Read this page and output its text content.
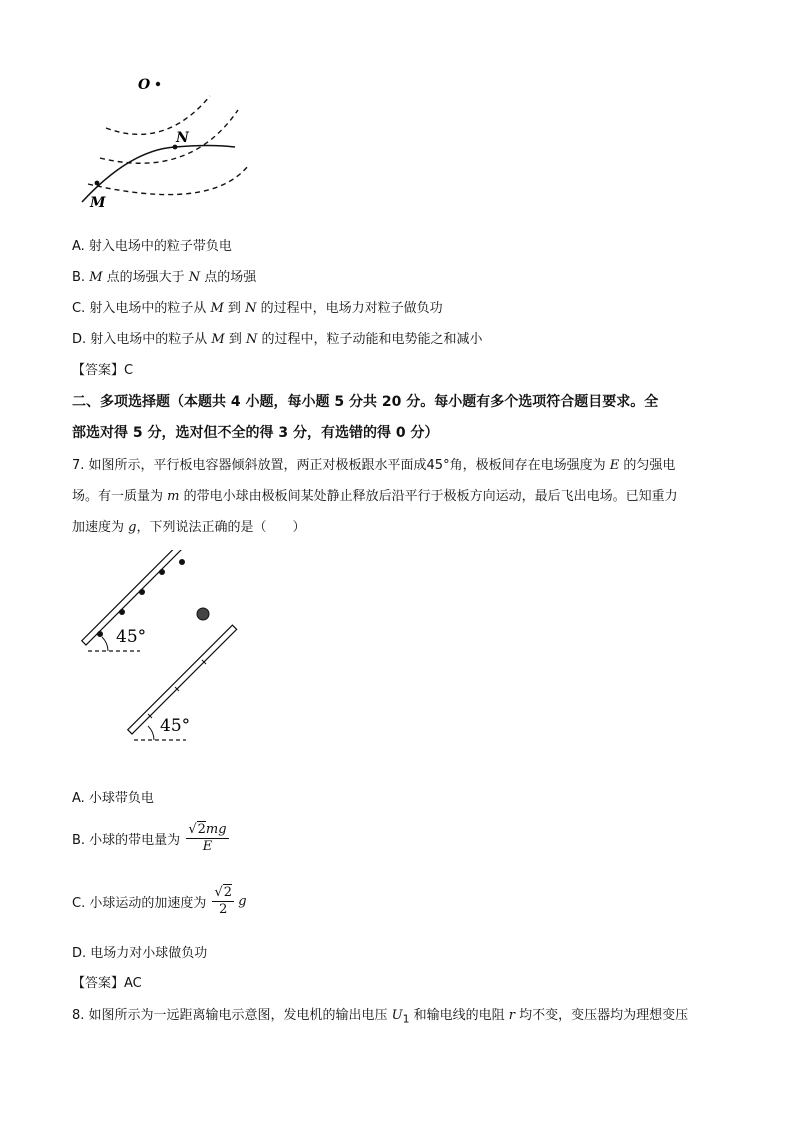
O
N
M
A. 射入电场中的粒子带负电
B. M 点的场强大于 N 点的场强
C. 射入电场中的粒子从 M 到 N 的过程中，电场力对粒子做负功
D. 射入电场中的粒子从 M 到 N 的过程中，粒子动能和电势能之和减小
【答案】C
二、多项选择题（本题共 4 小题，每小题 5 分共 20 分。每小题有多个选项符合题目要求。全
部选对得 5 分，选对但不全的得 3 分，有选错的得 0 分）
7. 如图所示，平行板电容器倾斜放置，两正对极板跟水平面成45°角，极板间存在电场强度为 E 的匀强电
场。有一质量为 m 的带电小球由极板间某处静止释放后沿平行于极板方向运动，最后飞出电场。已知重力
加速度为 g，下列说法正确的是（　　）
45°
45°
A. 小球带负电
B. 小球的带电量为 $\frac{√2mg}{E}$
C. 小球运动的加速度为 $\frac{√2}{2}$ g
D. 电场力对小球做负功
【答案】AC
8. 如图所示为一远距离输电示意图，发电机的输出电压 $U_1$ 和输电线的电阻 r 均不变，变压器均为理想变压
